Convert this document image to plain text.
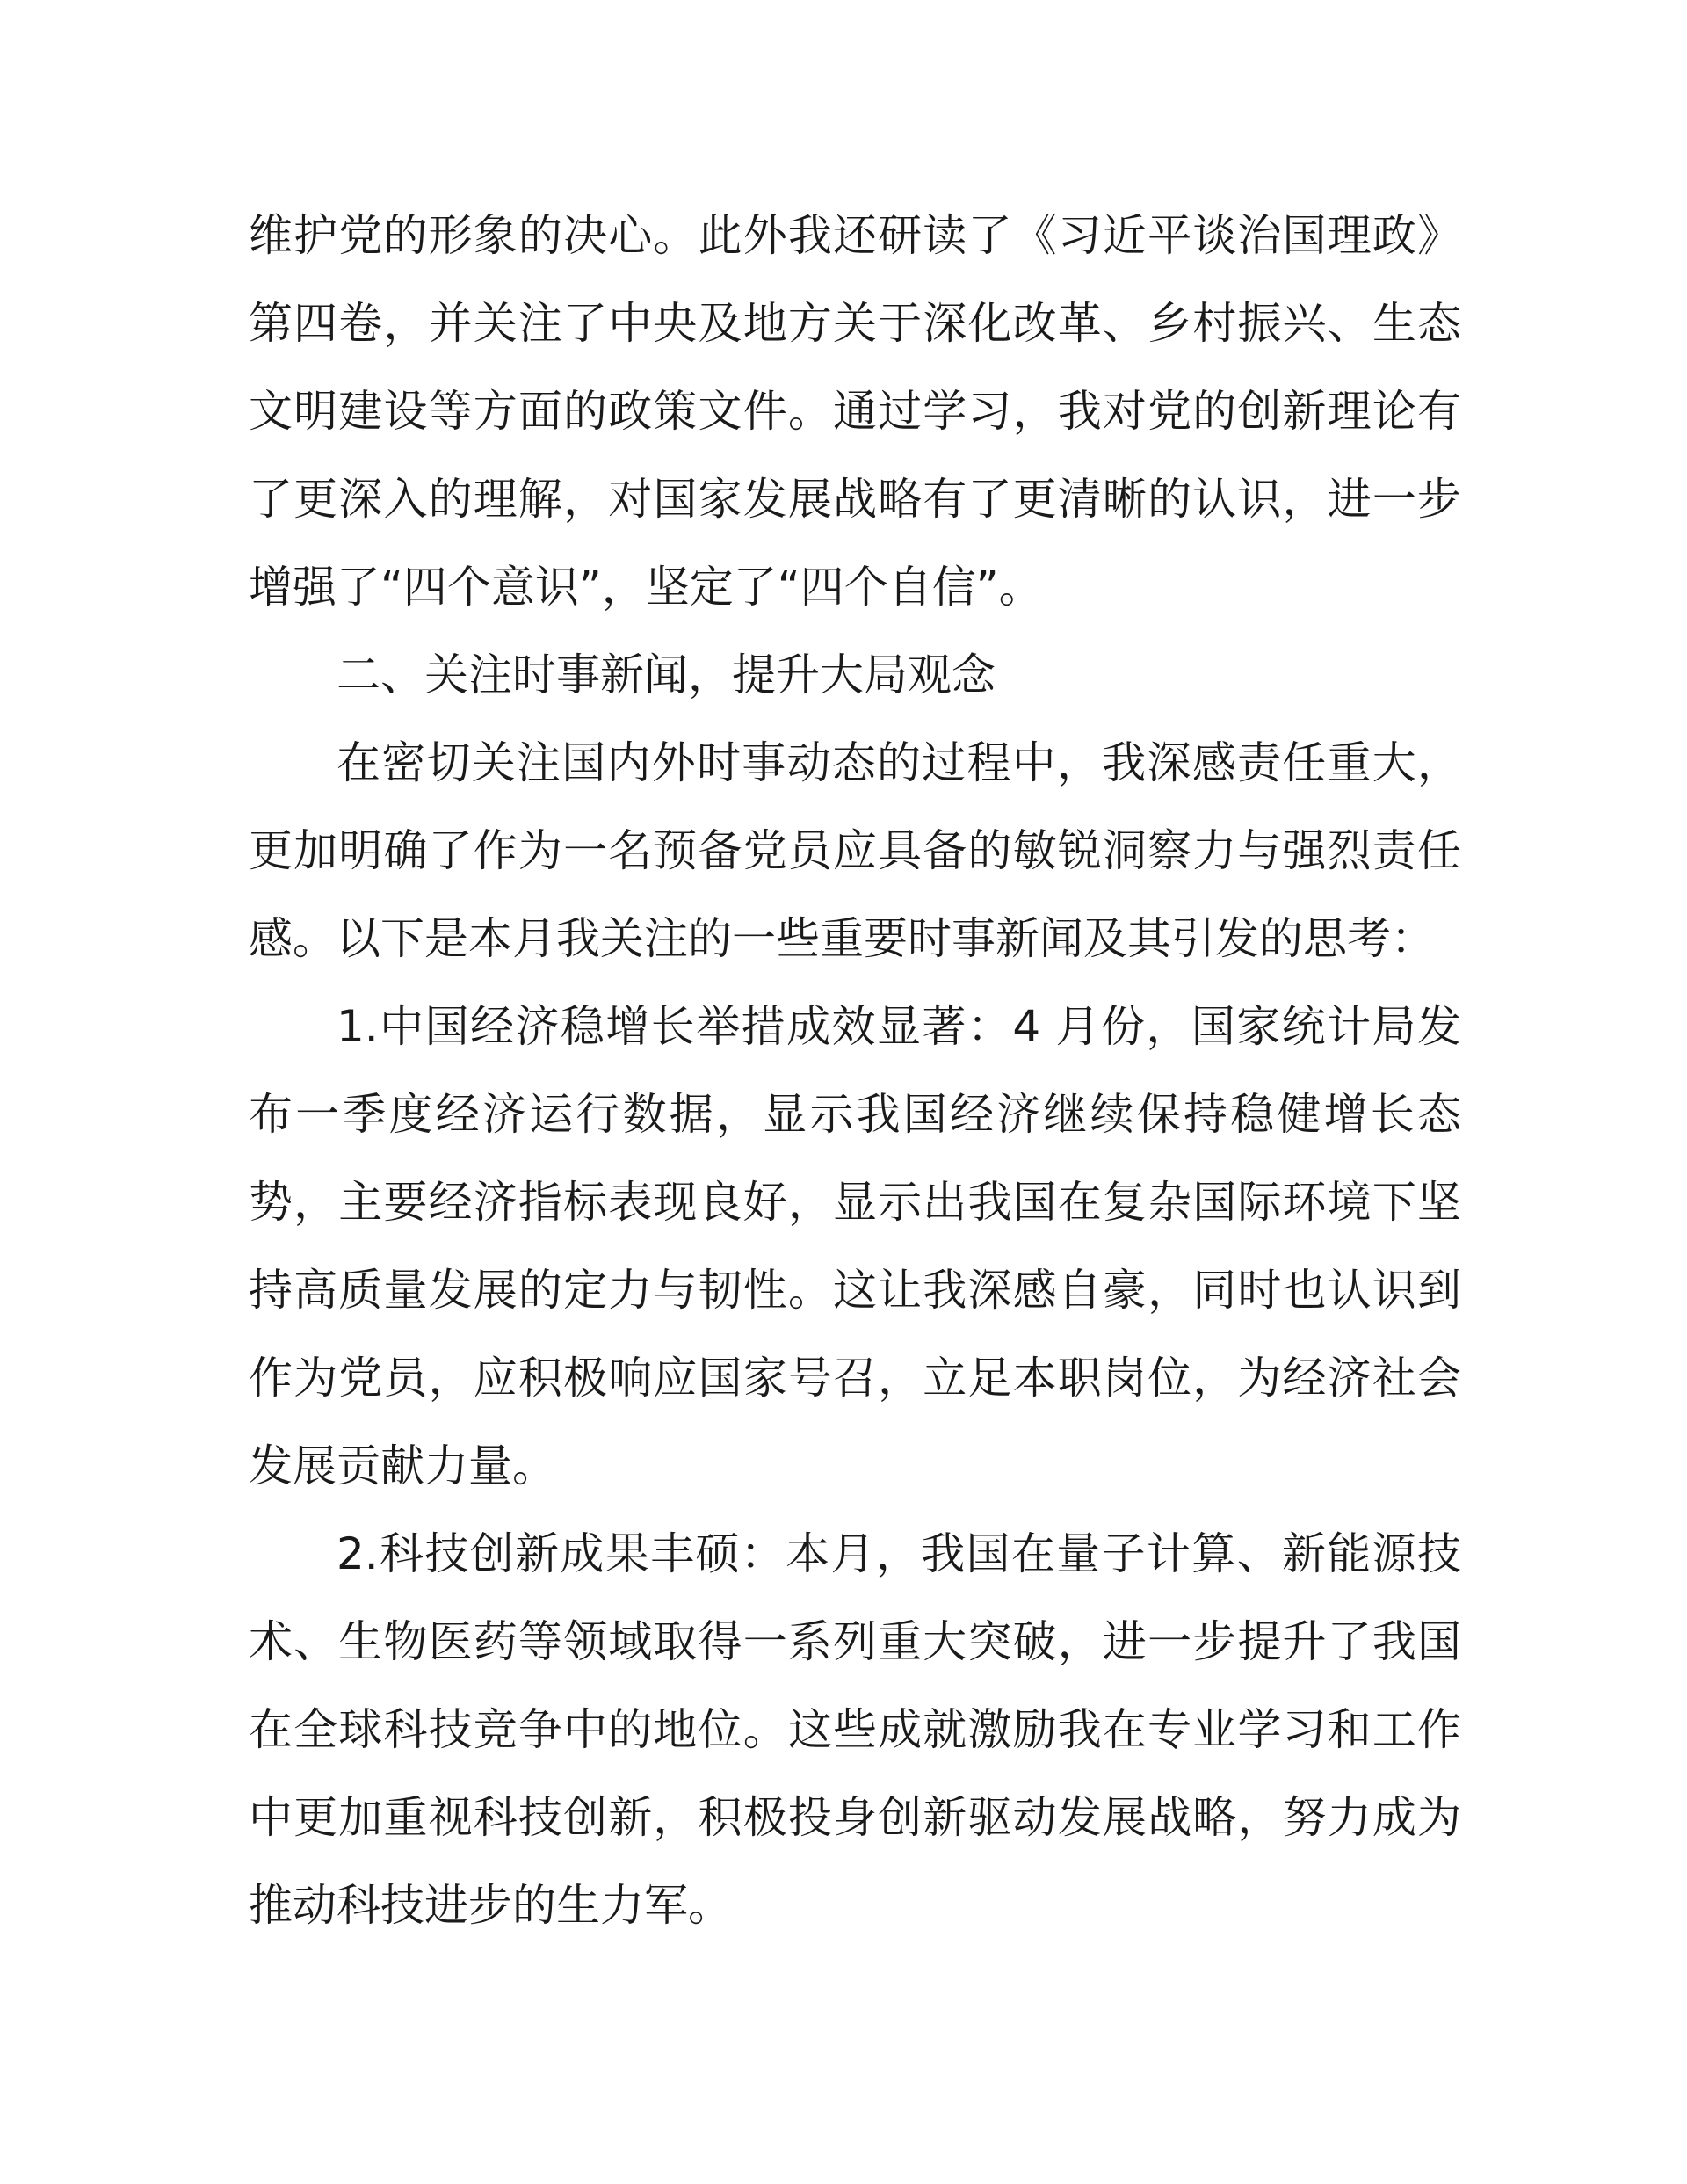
维护党的形象的决心。此外我还研读了《习近平谈治国理政》第四卷，并关注了中央及地方关于深化改革、乡村振兴、生态文明建设等方面的政策文件。通过学习，我对党的创新理论有了更深入的理解，对国家发展战略有了更清晰的认识，进一步增强了“四个意识”，坚定了“四个自信”。

二、关注时事新闻，提升大局观念

在密切关注国内外时事动态的过程中，我深感责任重大，更加明确了作为一名预备党员应具备的敏锐洞察力与强烈责任感。以下是本月我关注的一些重要时事新闻及其引发的思考：

1.中国经济稳增长举措成效显著：4 月份，国家统计局发布一季度经济运行数据，显示我国经济继续保持稳健增长态势，主要经济指标表现良好，显示出我国在复杂国际环境下坚持高质量发展的定力与韧性。这让我深感自豪，同时也认识到作为党员，应积极响应国家号召，立足本职岗位，为经济社会发展贡献力量。

2.科技创新成果丰硕：本月，我国在量子计算、新能源技术、生物医药等领域取得一系列重大突破，进一步提升了我国在全球科技竞争中的地位。这些成就激励我在专业学习和工作中更加重视科技创新，积极投身创新驱动发展战略，努力成为推动科技进步的生力军。
